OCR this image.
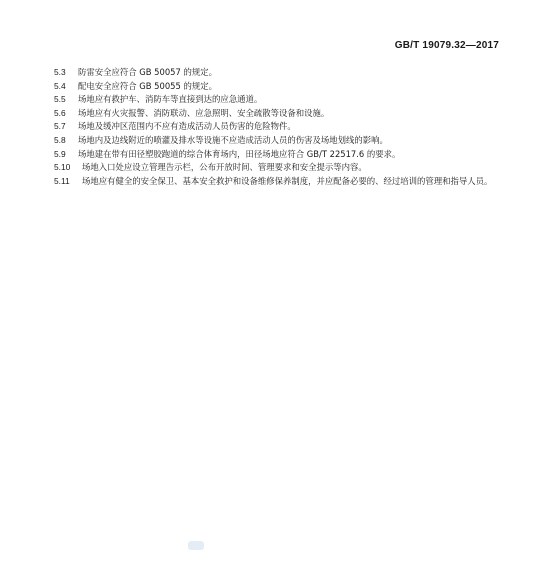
GB/T 19079.32—2017
5.3 防雷安全应符合 GB 50057 的规定。
5.4 配电安全应符合 GB 50055 的规定。
5.5 场地应有救护车、消防车等直接到达的应急通道。
5.6 场地应有火灾报警、消防联动、应急照明、安全疏散等设备和设施。
5.7 场地及缓冲区范围内不应有造成活动人员伤害的危险物件。
5.8 场地内及边线附近的喷灌及排水等设施不应造成活动人员的伤害及场地划线的影响。
5.9 场地建在带有田径塑胶跑道的综合体育场内，田径场地应符合 GB/T 22517.6 的要求。
5.10 场地入口处应设立管理告示栏，公布开放时间、管理要求和安全提示等内容。
5.11 场地应有健全的安全保卫、基本安全救护和设备维修保养制度，并应配备必要的、经过培训的管理和指导人员。
